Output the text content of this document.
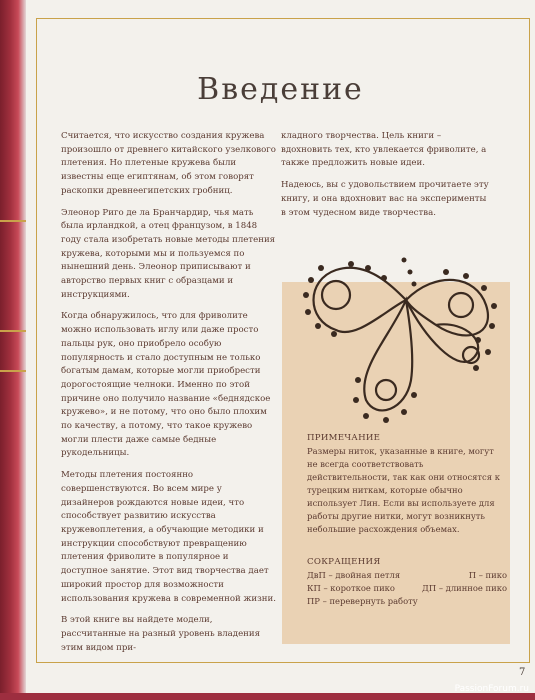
Введение

Считается, что искусство создания кружева произошло от древнего китайского узелкового плетения. Но плетеные кружева были известны еще египтянам, об этом говорят раскопки древнеегипетских гробниц.

Элеонор Риго де ла Бранчардир, чья мать была ирландкой, а отец французом, в 1848 году стала изобретать новые методы плетения кружева, которыми мы и пользуемся по нынешний день. Элеонор приписывают и авторство первых книг с образцами и инструкциями.

Когда обнаружилось, что для фриволите можно использовать иглу или даже просто пальцы рук, оно приобрело особую популярность и стало доступным не только богатым дамам, которые могли приобрести дорогостоящие челноки. Именно по этой причине оно получило название «беднядское кружево», и не потому, что оно было плохим по качеству, а потому, что такое кружево могли плести даже самые бедные рукодельницы.

Методы плетения постоянно совершенствуются. Во всем мире у дизайнеров рождаются новые идеи, что способствует развитию искусства кружевоплетения, а обучающие методики и инструкции способствуют превращению плетения фриволите в популярное и доступное занятие. Этот вид творчества дает широкий простор для возможности использования кружева в современной жизни.

В этой книге вы найдете модели, рассчитанные на разный уровень владения этим видом при-

кладного творчества. Цель книги – вдохновить тех, кто увлекается фриволите, а также предложить новые идеи.

Надеюсь, вы с удовольствием прочитаете эту книгу, и она вдохновит вас на эксперименты в этом чудесном виде творчества.

ПРИМЕЧАНИЕ
Размеры ниток, указанные в книге, могут не всегда соответствовать действительности, так как они относятся к турецким ниткам, которые обычно использует Лин. Если вы используете для работы другие нитки, могут возникнуть небольшие расхождения объемах.
СОКРАЩЕНИЯ
ДвП – двойная петля	П – пико
КП – короткое пико	ДП – длинное пико
ПР – перевернуть работу
7
PassionForum.ru
